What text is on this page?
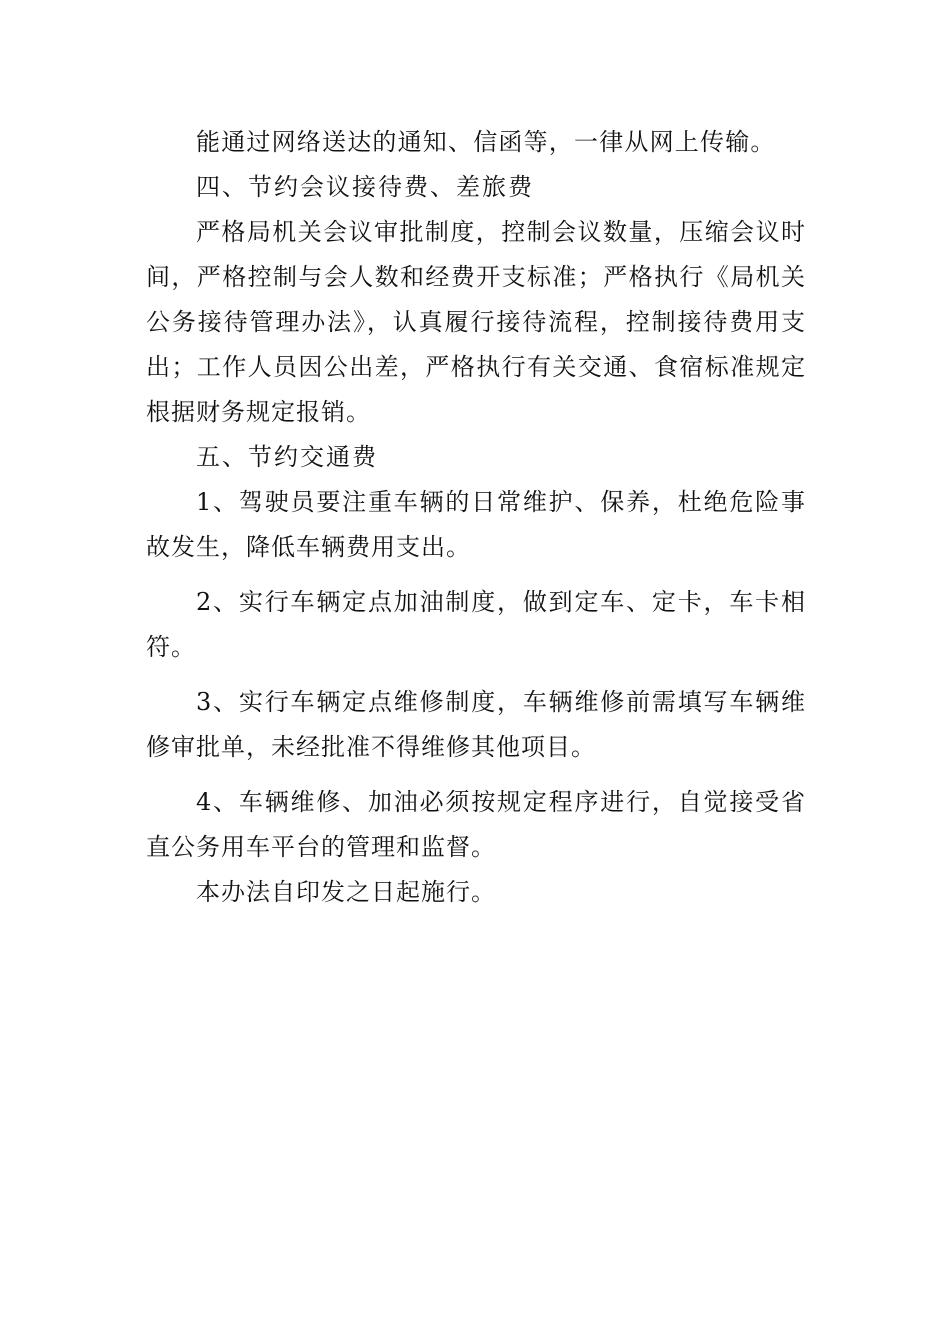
能通过网络送达的通知、信函等，一律从网上传输。

四、节约会议接待费、差旅费

严格局机关会议审批制度，控制会议数量，压缩会议时间，严格控制与会人数和经费开支标准；严格执行《局机关公务接待管理办法》，认真履行接待流程，控制接待费用支出；工作人员因公出差，严格执行有关交通、食宿标准规定根据财务规定报销。

五、节约交通费

1、驾驶员要注重车辆的日常维护、保养，杜绝危险事故发生，降低车辆费用支出。

2、实行车辆定点加油制度，做到定车、定卡，车卡相符。

3、实行车辆定点维修制度，车辆维修前需填写车辆维修审批单，未经批准不得维修其他项目。

4、车辆维修、加油必须按规定程序进行，自觉接受省直公务用车平台的管理和监督。

本办法自印发之日起施行。
